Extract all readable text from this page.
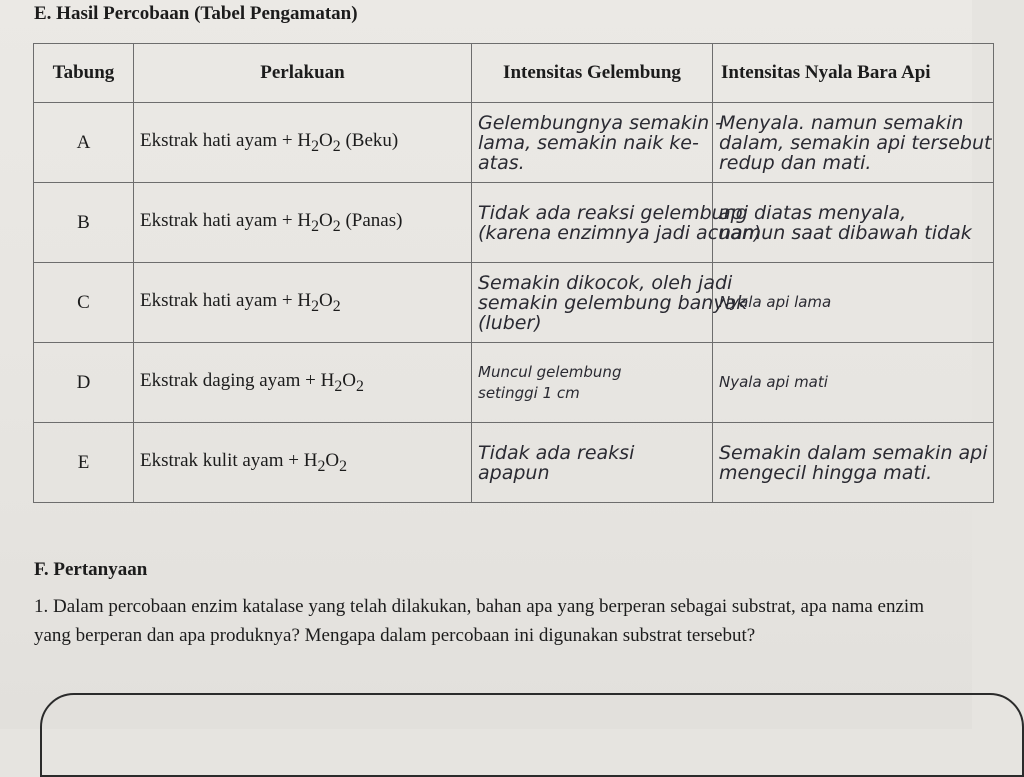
E. Hasil Percobaan (Tabel Pengamatan)
Tabung	Perlakuan	Intensitas Gelembung	Intensitas Nyala Bara Api
A	Ekstrak hati ayam + $H_2O_2$ (Beku)	Gelembungnya semakin -
lama, semakin naik ke-
atas.	Menyala. namun semakin
dalam, semakin api tersebut
redup dan mati.
B	Ekstrak hati ayam + $H_2O_2$ (Panas)	Tidak ada reaksi gelembung
(karena enzimnya jadi acuan)	api diatas menyala,
namun saat dibawah tidak
C	Ekstrak hati ayam + $H_2O_2$	Semakin dikocok, oleh jadi
semakin gelembung banyak
(luber)	Nyala api lama
D	Ekstrak daging ayam + $H_2O_2$	Muncul gelembung
setinggi 1 cm	Nyala api mati
E	Ekstrak kulit ayam + $H_2O_2$	Tidak ada reaksi
apapun	Semakin dalam semakin api
mengecil hingga mati.
F. Pertanyaan

1. Dalam percobaan enzim katalase yang telah dilakukan, bahan apa yang berperan sebagai substrat, apa nama enzim yang berperan dan apa produknya? Mengapa dalam percobaan ini digunakan substrat tersebut?
